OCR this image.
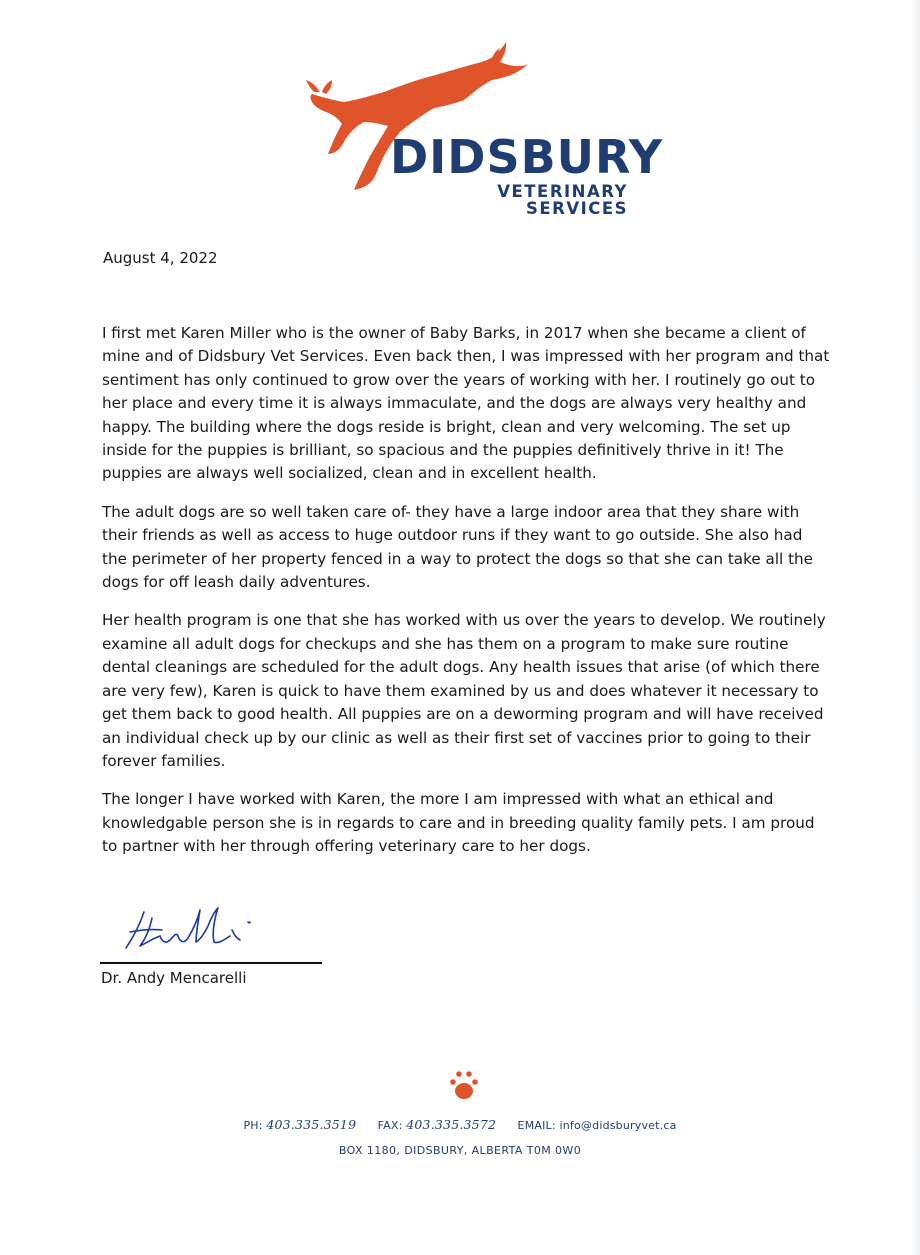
DIDSBURY
VETERINARY SERVICES
August 4, 2022

I first met Karen Miller who is the owner of Baby Barks, in 2017 when she became a client of mine and of Didsbury Vet Services. Even back then, I was impressed with her program and that sentiment has only continued to grow over the years of working with her. I routinely go out to her place and every time it is always immaculate, and the dogs are always very healthy and happy. The building where the dogs reside is bright, clean and very welcoming. The set up inside for the puppies is brilliant, so spacious and the puppies definitively thrive in it! The puppies are always well socialized, clean and in excellent health.

The adult dogs are so well taken care of- they have a large indoor area that they share with their friends as well as access to huge outdoor runs if they want to go outside. She also had the perimeter of her property fenced in a way to protect the dogs so that she can take all the dogs for off leash daily adventures.

Her health program is one that she has worked with us over the years to develop. We routinely examine all adult dogs for checkups and she has them on a program to make sure routine dental cleanings are scheduled for the adult dogs. Any health issues that arise (of which there are very few), Karen is quick to have them examined by us and does whatever it necessary to get them back to good health. All puppies are on a deworming program and will have received an individual check up by our clinic as well as their first set of vaccines prior to going to their forever families.

The longer I have worked with Karen, the more I am impressed with what an ethical and knowledgable person she is in regards to care and in breeding quality family pets. I am proud to partner with her through offering veterinary care to her dogs.

Dr. Andy Mencarelli
PH: 403.335.3519 FAX: 403.335.3572 EMAIL: info@didsburyvet.ca
BOX 1180, DIDSBURY, ALBERTA T0M 0W0
